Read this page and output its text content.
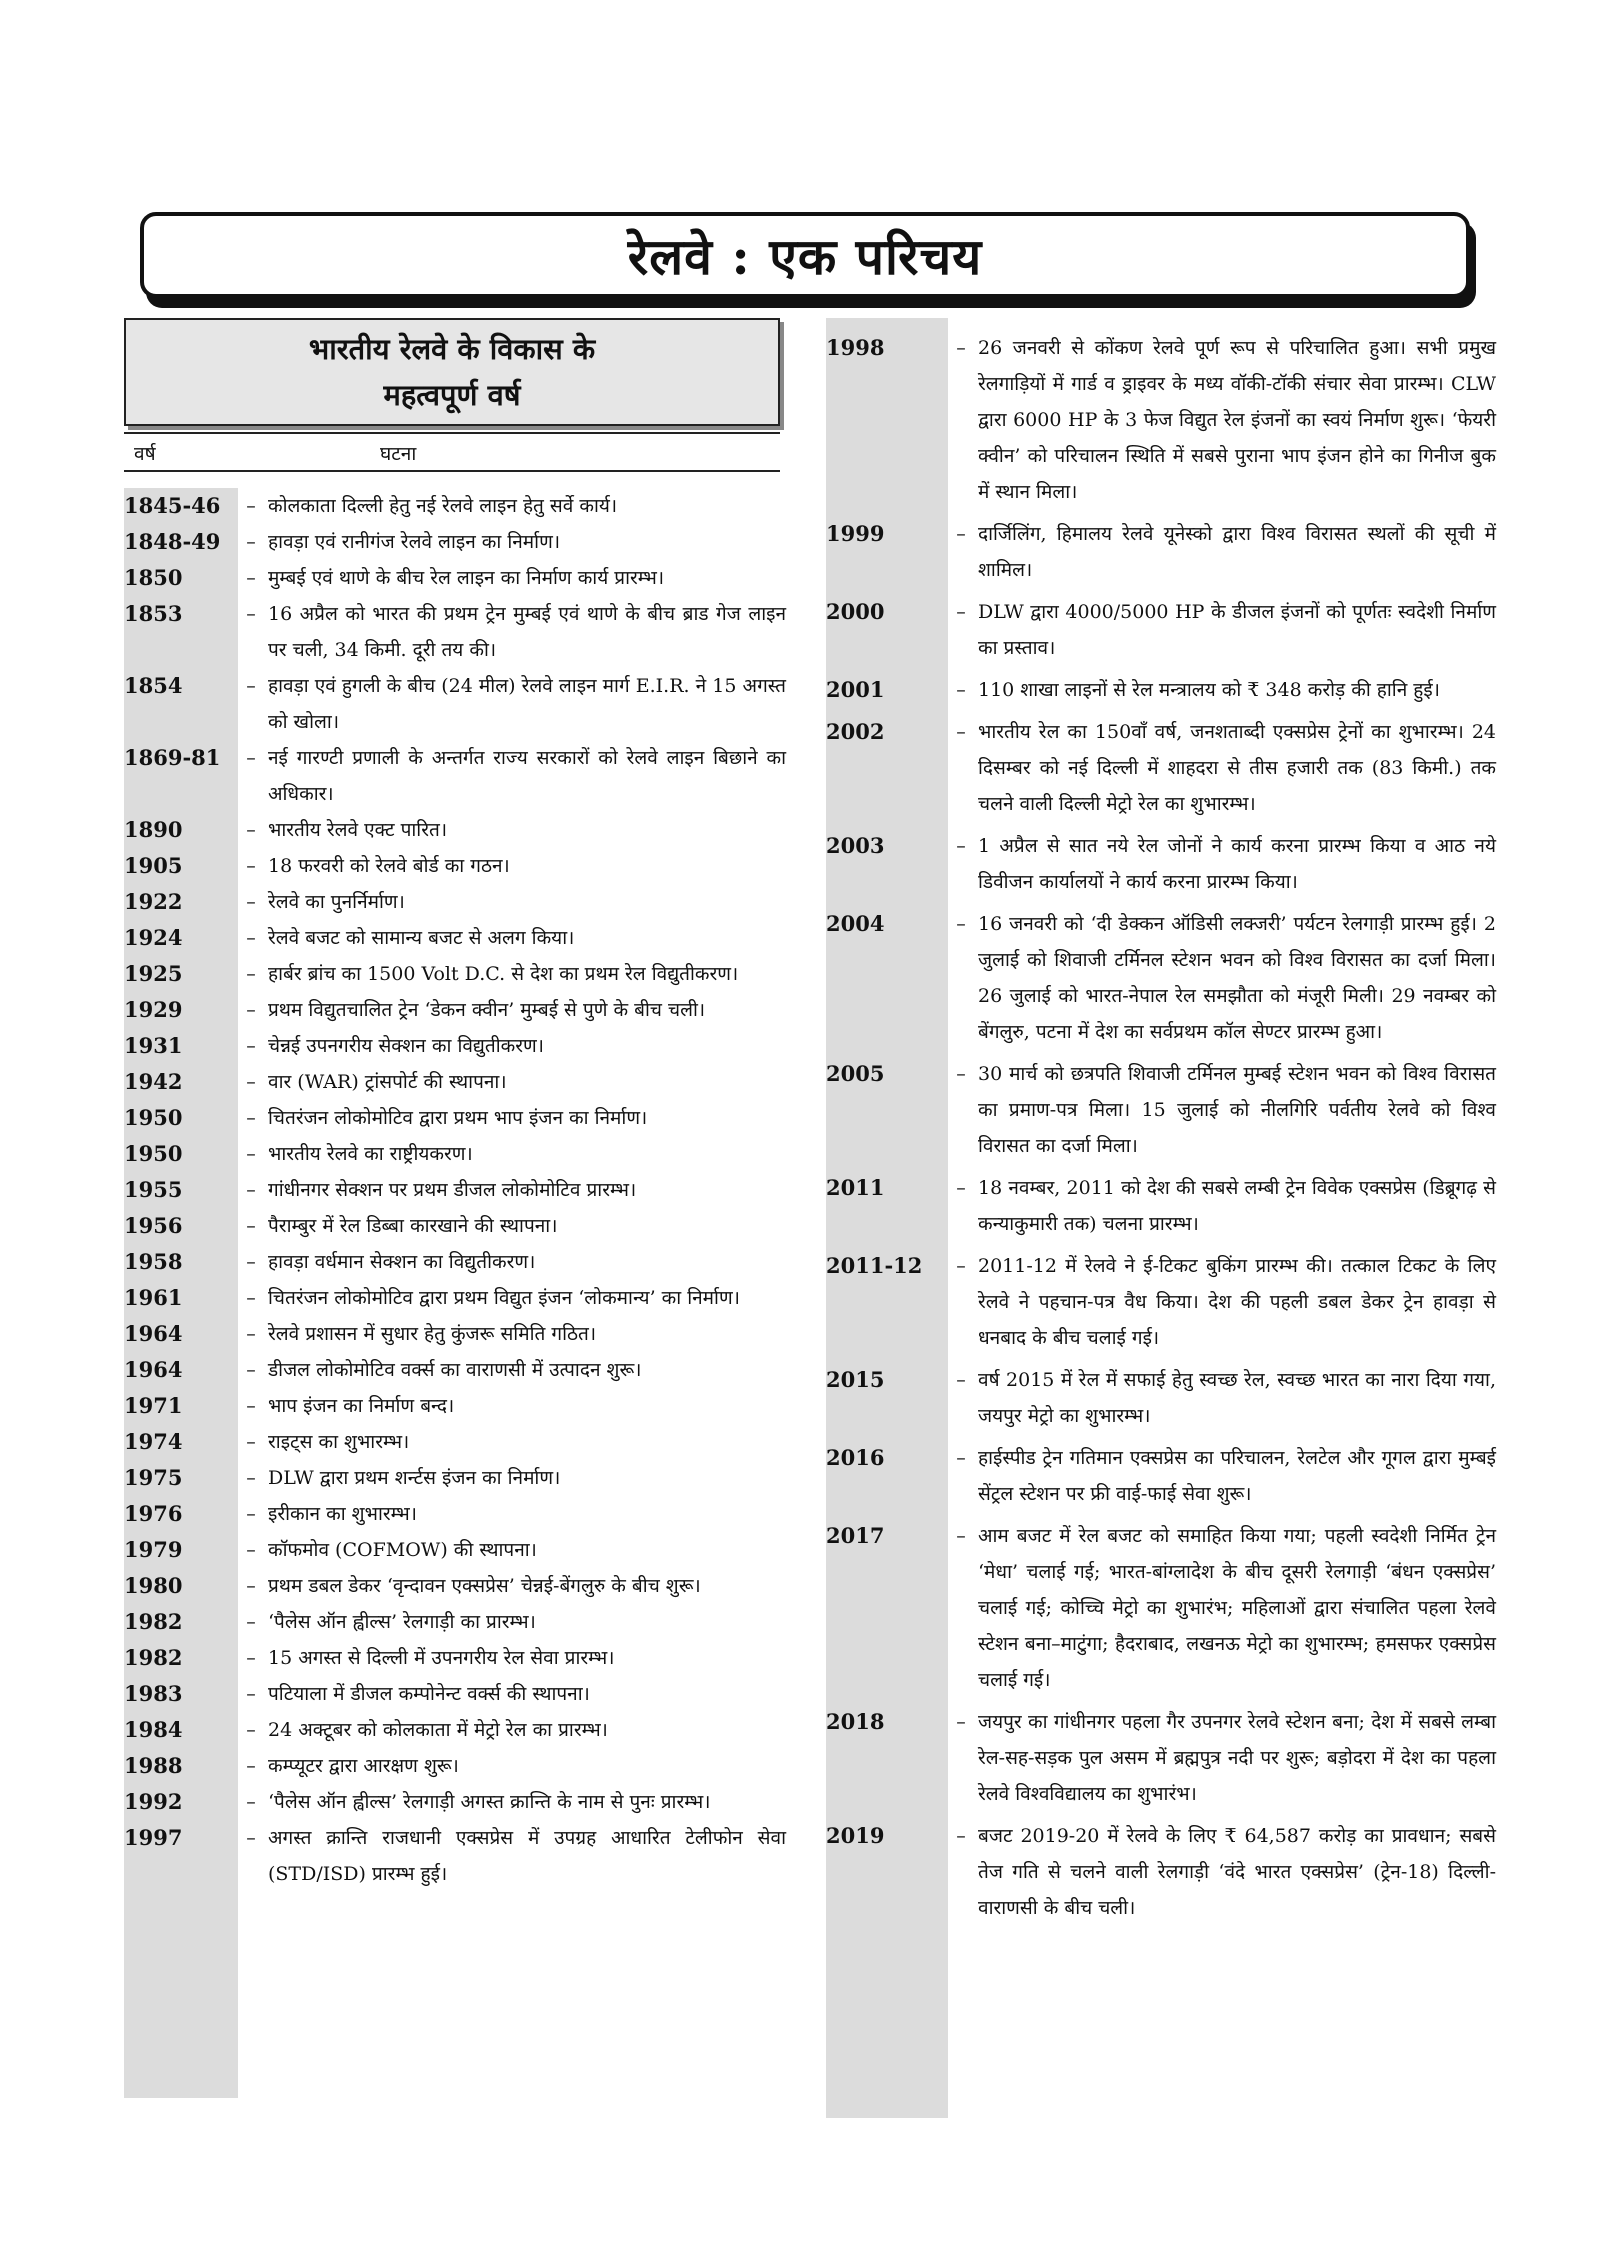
रेलवे : एक परिचय
भारतीय रेलवे के विकास के
महत्वपूर्ण वर्ष
वर्ष	घटना
1845-46	– कोलकाता दिल्ली हेतु नई रेलवे लाइन हेतु सर्वे कार्य।
1848-49	– हावड़ा एवं रानीगंज रेलवे लाइन का निर्माण।
1850	– मुम्बई एवं थाणे के बीच रेल लाइन का निर्माण कार्य प्रारम्भ।
1853	– 16 अप्रैल को भारत की प्रथम ट्रेन मुम्बई एवं थाणे के बीच ब्राड गेज लाइन पर चली, 34 किमी. दूरी तय की।
1854	– हावड़ा एवं हुगली के बीच (24 मील) रेलवे लाइन मार्ग E.I.R. ने 15 अगस्त को खोला।
1869-81	– नई गारण्टी प्रणाली के अन्तर्गत राज्य सरकारों को रेलवे लाइन बिछाने का अधिकार।
1890	– भारतीय रेलवे एक्ट पारित।
1905	– 18 फरवरी को रेलवे बोर्ड का गठन।
1922	– रेलवे का पुनर्निर्माण।
1924	– रेलवे बजट को सामान्य बजट से अलग किया।
1925	– हार्बर ब्रांच का 1500 Volt D.C. से देश का प्रथम रेल विद्युतीकरण।
1929	– प्रथम विद्युतचालित ट्रेन ‘डेकन क्वीन’ मुम्बई से पुणे के बीच चली।
1931	– चेन्नई उपनगरीय सेक्शन का विद्युतीकरण।
1942	– वार (WAR) ट्रांसपोर्ट की स्थापना।
1950	– चितरंजन लोकोमोटिव द्वारा प्रथम भाप इंजन का निर्माण।
1950	– भारतीय रेलवे का राष्ट्रीयकरण।
1955	– गांधीनगर सेक्शन पर प्रथम डीजल लोकोमोटिव प्रारम्भ।
1956	– पैराम्बुर में रेल डिब्बा कारखाने की स्थापना।
1958	– हावड़ा वर्धमान सेक्शन का विद्युतीकरण।
1961	– चितरंजन लोकोमोटिव द्वारा प्रथम विद्युत इंजन ‘लोकमान्य’ का निर्माण।
1964	– रेलवे प्रशासन में सुधार हेतु कुंजरू समिति गठित।
1964	– डीजल लोकोमोटिव वर्क्स का वाराणसी में उत्पादन शुरू।
1971	– भाप इंजन का निर्माण बन्द।
1974	– राइट्स का शुभारम्भ।
1975	– DLW द्वारा प्रथम शर्न्टस इंजन का निर्माण।
1976	– इरीकान का शुभारम्भ।
1979	– कॉफमोव (COFMOW) की स्थापना।
1980	– प्रथम डबल डेकर ‘वृन्दावन एक्सप्रेस’ चेन्नई-बेंगलुरु के बीच शुरू।
1982	– ‘पैलेस ऑन ह्वील्स’ रेलगाड़ी का प्रारम्भ।
1982	– 15 अगस्त से दिल्ली में उपनगरीय रेल सेवा प्रारम्भ।
1983	– पटियाला में डीजल कम्पोनेन्ट वर्क्स की स्थापना।
1984	– 24 अक्टूबर को कोलकाता में मेट्रो रेल का प्रारम्भ।
1988	– कम्प्यूटर द्वारा आरक्षण शुरू।
1992	– ‘पैलेस ऑन ह्वील्स’ रेलगाड़ी अगस्त क्रान्ति के नाम से पुनः प्रारम्भ।
1997	– अगस्त क्रान्ति राजधानी एक्सप्रेस में उपग्रह आधारित टेलीफोन सेवा (STD/ISD) प्रारम्भ हुई।
1998	– 26 जनवरी से कोंकण रेलवे पूर्ण रूप से परिचालित हुआ। सभी प्रमुख रेलगाड़ियों में गार्ड व ड्राइवर के मध्य वॉकी-टॉकी संचार सेवा प्रारम्भ। CLW द्वारा 6000 HP के 3 फेज विद्युत रेल इंजनों का स्वयं निर्माण शुरू। ‘फेयरी क्वीन’ को परिचालन स्थिति में सबसे पुराना भाप इंजन होने का गिनीज बुक में स्थान मिला।
1999	– दार्जिलिंग, हिमालय रेलवे यूनेस्को द्वारा विश्व विरासत स्थलों की सूची में शामिल।
2000	– DLW द्वारा 4000/5000 HP के डीजल इंजनों को पूर्णतः स्वदेशी निर्माण का प्रस्ताव।
2001	– 110 शाखा लाइनों से रेल मन्त्रालय को ₹ 348 करोड़ की हानि हुई।
2002	– भारतीय रेल का 150वाँ वर्ष, जनशताब्दी एक्सप्रेस ट्रेनों का शुभारम्भ। 24 दिसम्बर को नई दिल्ली में शाहदरा से तीस हजारी तक (83 किमी.) तक चलने वाली दिल्ली मेट्रो रेल का शुभारम्भ।
2003	– 1 अप्रैल से सात नये रेल जोनों ने कार्य करना प्रारम्भ किया व आठ नये डिवीजन कार्यालयों ने कार्य करना प्रारम्भ किया।
2004	– 16 जनवरी को ‘दी डेक्कन ऑडिसी लक्जरी’ पर्यटन रेलगाड़ी प्रारम्भ हुई। 2 जुलाई को शिवाजी टर्मिनल स्टेशन भवन को विश्व विरासत का दर्जा मिला। 26 जुलाई को भारत-नेपाल रेल समझौता को मंजूरी मिली। 29 नवम्बर को बेंगलुरु, पटना में देश का सर्वप्रथम कॉल सेण्टर प्रारम्भ हुआ।
2005	– 30 मार्च को छत्रपति शिवाजी टर्मिनल मुम्बई स्टेशन भवन को विश्व विरासत का प्रमाण-पत्र मिला। 15 जुलाई को नीलगिरि पर्वतीय रेलवे को विश्व विरासत का दर्जा मिला।
2011	– 18 नवम्बर, 2011 को देश की सबसे लम्बी ट्रेन विवेक एक्सप्रेस (डिब्रूगढ़ से कन्याकुमारी तक) चलना प्रारम्भ।
2011-12	– 2011-12 में रेलवे ने ई-टिकट बुकिंग प्रारम्भ की। तत्काल टिकट के लिए रेलवे ने पहचान-पत्र वैध किया। देश की पहली डबल डेकर ट्रेन हावड़ा से धनबाद के बीच चलाई गई।
2015	– वर्ष 2015 में रेल में सफाई हेतु स्वच्छ रेल, स्वच्छ भारत का नारा दिया गया, जयपुर मेट्रो का शुभारम्भ।
2016	– हाईस्पीड ट्रेन गतिमान एक्सप्रेस का परिचालन, रेलटेल और गूगल द्वारा मुम्बई सेंट्रल स्टेशन पर फ्री वाई-फाई सेवा शुरू।
2017	– आम बजट में रेल बजट को समाहित किया गया; पहली स्वदेशी निर्मित ट्रेन ‘मेधा’ चलाई गई; भारत-बांग्लादेश के बीच दूसरी रेलगाड़ी ‘बंधन एक्सप्रेस’ चलाई गई; कोच्चि मेट्रो का शुभारंभ; महिलाओं द्वारा संचालित पहला रेलवे स्टेशन बना–माटुंगा; हैदराबाद, लखनऊ मेट्रो का शुभारम्भ; हमसफर एक्सप्रेस चलाई गई।
2018	– जयपुर का गांधीनगर पहला गैर उपनगर रेलवे स्टेशन बना; देश में सबसे लम्बा रेल-सह-सड़क पुल असम में ब्रह्मपुत्र नदी पर शुरू; बड़ोदरा में देश का पहला रेलवे विश्वविद्यालय का शुभारंभ।
2019	– बजट 2019-20 में रेलवे के लिए ₹ 64,587 करोड़ का प्रावधान; सबसे तेज गति से चलने वाली रेलगाड़ी ‘वंदे भारत एक्सप्रेस’ (ट्रेन-18) दिल्ली-वाराणसी के बीच चली।
